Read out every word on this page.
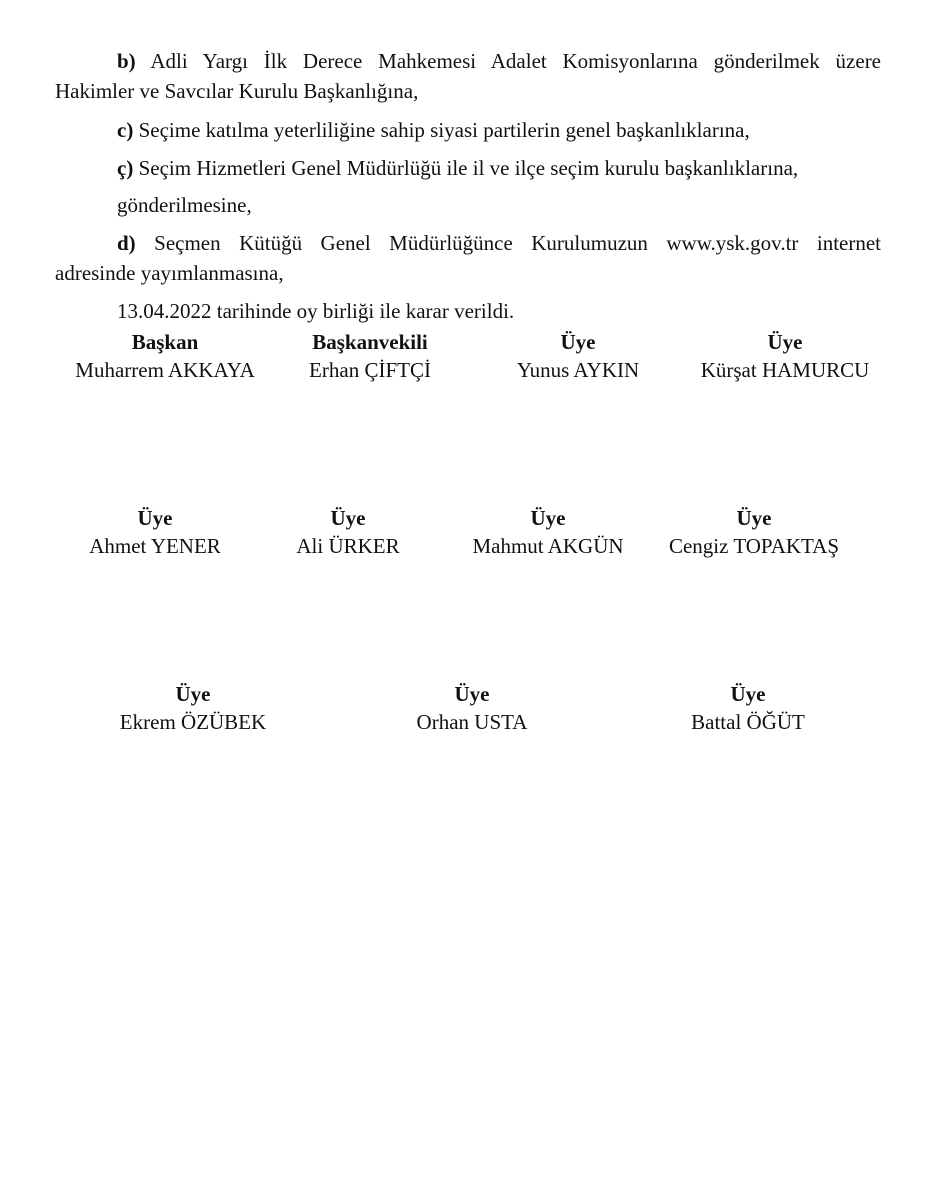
b) Adli Yargı İlk Derece Mahkemesi Adalet Komisyonlarına gönderilmek üzere

Hakimler ve Savcılar Kurulu Başkanlığına,
c) Seçime katılma yeterliliğine sahip siyasi partilerin genel başkanlıklarına,
ç) Seçim Hizmetleri Genel Müdürlüğü ile il ve ilçe seçim kurulu başkanlıklarına,
gönderilmesine,

d) Seçmen Kütüğü Genel Müdürlüğünce Kurulumuzun www.ysk.gov.tr internet

adresinde yayımlanmasına,
13.04.2022 tarihinde oy birliği ile karar verildi.
Başkan
Muharrem AKKAYA
Başkanvekili
Erhan ÇİFTÇİ
Üye
Yunus AYKIN
Üye
Kürşat HAMURCU
Üye
Ahmet YENER
Üye
Ali ÜRKER
Üye
Mahmut AKGÜN
Üye
Cengiz TOPAKTAŞ
Üye
Ekrem ÖZÜBEK
Üye
Orhan USTA
Üye
Battal ÖĞÜT
